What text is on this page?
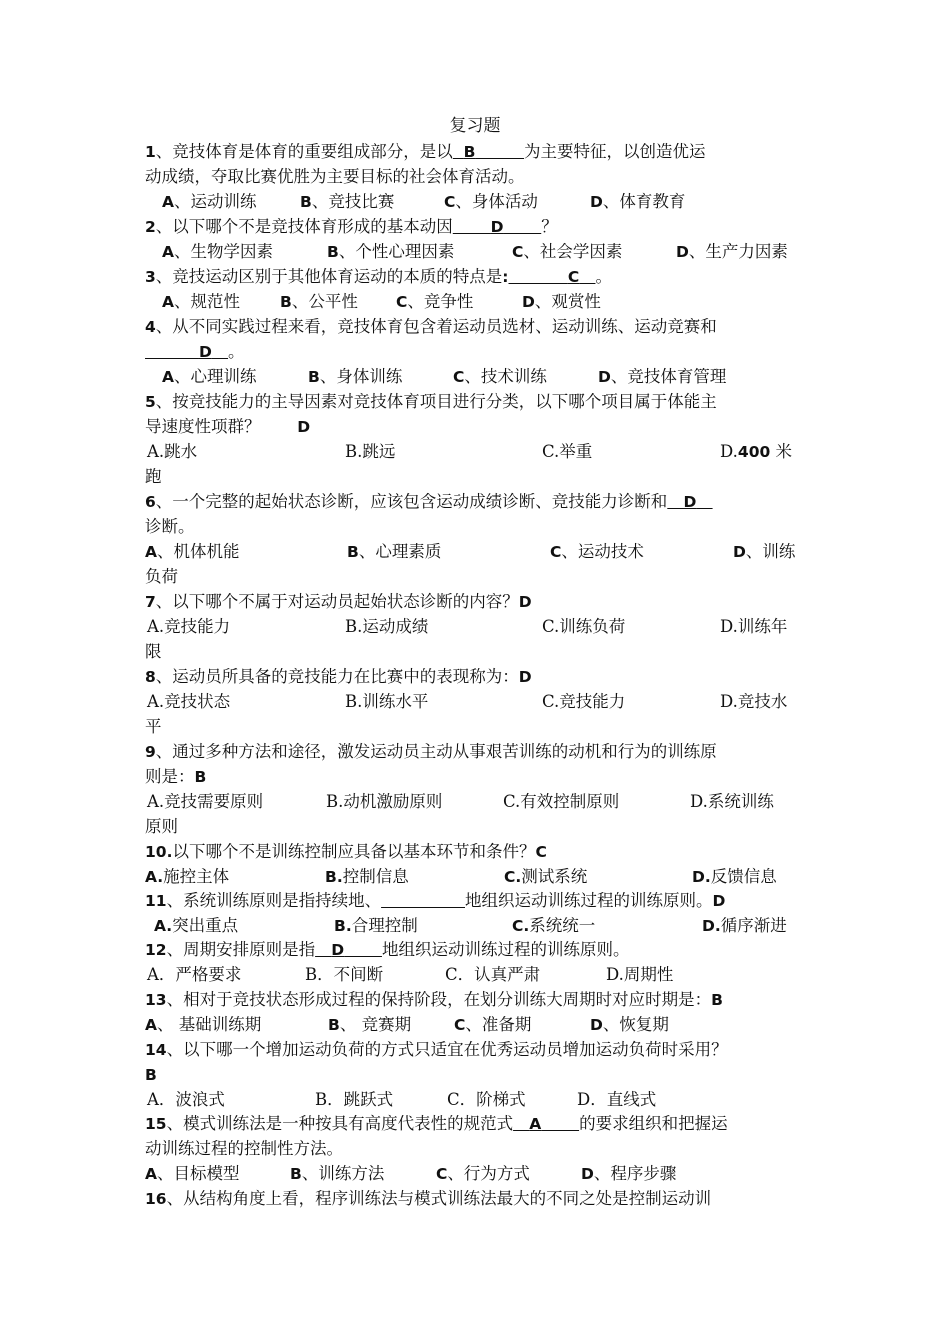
复习题
1、竞技体育是体育的重要组成部分，是以 B	为主要特征，以创造优运
动成绩，夺取比赛优胜为主要目标的社会体育活动。

A、运动训练

	B、竞技比赛

	C、身体活动

	D、体育教育

2、以下哪个不是竞技体育形成的基本动因 D ？

A、生物学因素

	B、个性心理因素

	C、社会学因素

	D、生产力因素

3、竞技运动区别于其他体育运动的本质的特点是:	C 。

A、规范性

	B、公平性

C、竞争性

	D、观赏性

4、从不同实践过程来看，竞技体育包含着运动员选材、运动训练、运动竞赛和
D 。

A、心理训练

	B、身体训练

	C、技术训练

	D、竞技体育管理

5、按竞技能力的主导因素对竞技体育项目进行分类，以下哪个项目属于体能主
导速度性项群？ D

A.跳水

	B.跳远

	C.举重

	D.400 米

跑
6、一个完整的起始状态诊断，应该包含运动成绩诊断、竞技能力诊断和 D
诊断。

A、机体机能

	B、心理素质

	C、运动技术

	D、训练

负荷
7、以下哪个不属于对运动员起始状态诊断的内容？D

A.竞技能力

	B.运动成绩

	C.训练负荷

	D.训练年

限
8、运动员所具备的竞技能力在比赛中的表现称为：D

A.竞技状态

	B.训练水平

	C.竞技能力

	D.竞技水

平
9、通过多种方法和途径，激发运动员主动从事艰苦训练的动机和行为的训练原
则是：B

A.竞技需要原则

	B.动机激励原则

	C.有效控制原则

	D.系统训练

原则
10.以下哪个不是训练控制应具备以基本环节和条件？C

A.施控主体

	B.控制信息

	C.测试系统

	D.反馈信息

11、系统训练原则是指持续地、	地组织运动训练过程的训练原则。D

A.突出重点

	B.合理控制

	C.系统统一

	D.循序渐进

12、周期安排原则是指 D 地组织运动训练过程的训练原则。

A．严格要求

	B．不间断

	C．认真严肃

	D.周期性

13、相对于竞技状态形成过程的保持阶段，在划分训练大周期时对应时期是：B

A、 基础训练期

	B、 竞赛期

	C、准备期

	D、恢复期

14、以下哪一个增加运动负荷的方式只适宜在优秀运动员增加运动负荷时采用？
B

A．波浪式

	B．跳跃式

	C．阶梯式

	D．直线式

15、模式训练法是一种按具有高度代表性的规范式 A 的要求组织和把握运
动训练过程的控制性方法。

A、目标模型

	B、训练方法

	C、行为方式

	D、程序步骤

16、从结构角度上看，程序训练法与模式训练法最大的不同之处是控制运动训
